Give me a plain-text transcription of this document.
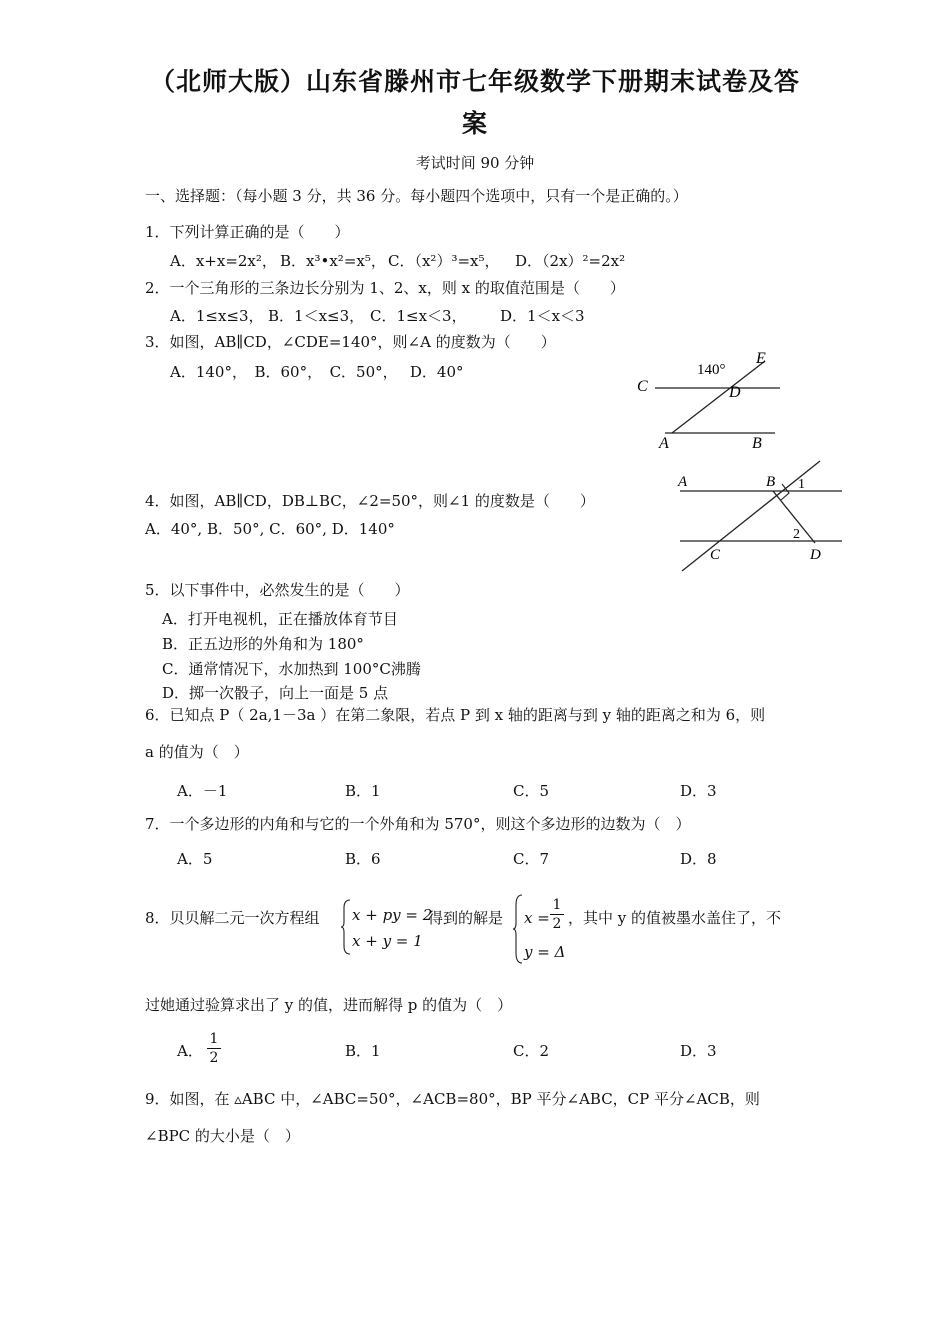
（北师大版）山东省滕州市七年级数学下册期末试卷及答
案
考试时间 90 分钟
一、选择题：（每小题 3 分，共 36 分。每小题四个选项中，只有一个是正确的。）
1．下列计算正确的是（　　）
A．x+x=2x²， B．x³•x²=x⁵， C．（x²）³=x⁵， D．（2x）²=2x²
2．一个三角形的三条边长分别为 1、2、x，则 x 的取值范围是（　　）
A．1≤x≤3， B．1＜x≤3， C．1≤x＜3， D．1＜x＜3
3．如图，AB∥CD，∠CDE=140°，则∠A 的度数为（　　）
A．140°，　B．60°，　C．50°，　 D．40°	140°
C	D
E
A	B
A	B 1
2
C	D
4．如图，AB∥CD，DB⊥BC，∠2=50°，则∠1 的度数是（　　）
A．40°, B．50°, C．60°, D．140°
5．以下事件中，必然发生的是（　　）
A．打开电视机，正在播放体育节目
B．正五边形的外角和为 180°
C．通常情况下，水加热到 100°C沸腾
D．掷一次骰子，向上一面是 5 点
6．已知点 P（ 2a,1－3a ）在第二象限，若点 P 到 x 轴的距离与到 y 轴的距离之和为 6，则
a 的值为（　）
A．－1	B．1	C．5	D．3
7．一个多边形的内角和与它的一个外角和为 570°，则这个多边形的边数为（　）
A．5	B．6	C．7	D．8
8．贝贝解二元一次方程组 x + py = 2
x + y = 1
得到的解是 x =
1
2
y = Δ
，其中 y 的值被墨水盖住了，不
过她通过验算求出了 y 的值，进而解得 p 的值为（　）
A．
1
2	B．1	C．2	D．3
9．如图，在 ▵ABC 中，∠ABC=50°，∠ACB=80°，BP 平分∠ABC，CP 平分∠ACB，则
∠BPC 的大小是（　）
